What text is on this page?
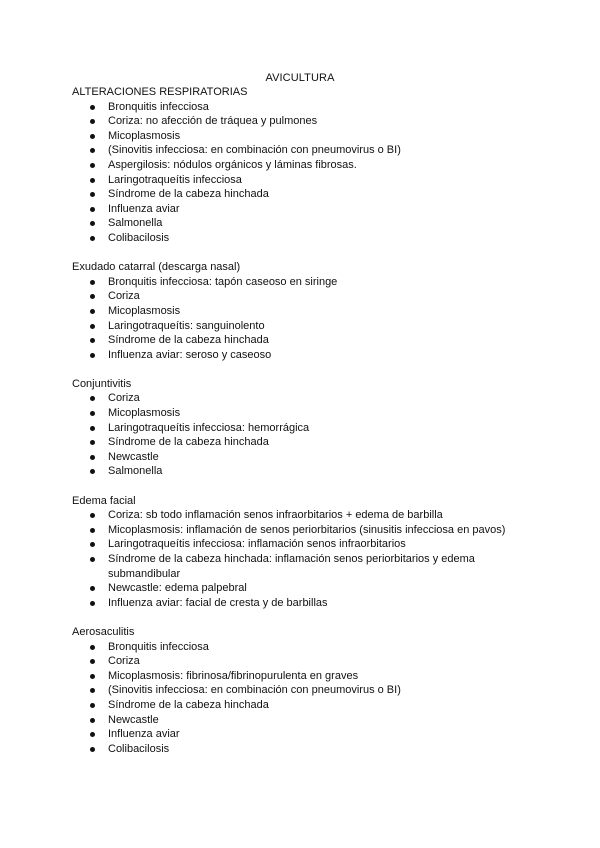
AVICULTURA

ALTERACIONES RESPIRATORIAS

Bronquitis infecciosa
Coriza: no afección de tráquea y pulmones
Micoplasmosis
(Sinovitis infecciosa: en combinación con pneumovirus o BI)
Aspergilosis: nódulos orgánicos y láminas fibrosas.
Laringotraqueítis infecciosa
Síndrome de la cabeza hinchada
Influenza aviar
Salmonella
Colibacilosis

Exudado catarral (descarga nasal)

Bronquitis infecciosa: tapón caseoso en siringe
Coriza
Micoplasmosis
Laringotraqueítis: sanguinolento
Síndrome de la cabeza hinchada
Influenza aviar: seroso y caseoso

Conjuntivitis

Coriza
Micoplasmosis
Laringotraqueítis infecciosa: hemorrágica
Síndrome de la cabeza hinchada
Newcastle
Salmonella

Edema facial

Coriza: sb todo inflamación senos infraorbitarios + edema de barbilla
Micoplasmosis: inflamación de senos periorbitarios (sinusitis infecciosa en pavos)
Laringotraqueítis infecciosa: inflamación senos infraorbitarios
Síndrome de la cabeza hinchada: inflamación senos periorbitarios y edema submandibular
Newcastle: edema palpebral
Influenza aviar: facial de cresta y de barbillas

Aerosaculitis

Bronquitis infecciosa
Coriza
Micoplasmosis: fibrinosa/fibrinopurulenta en graves
(Sinovitis infecciosa: en combinación con pneumovirus o BI)
Síndrome de la cabeza hinchada
Newcastle
Influenza aviar
Colibacilosis
